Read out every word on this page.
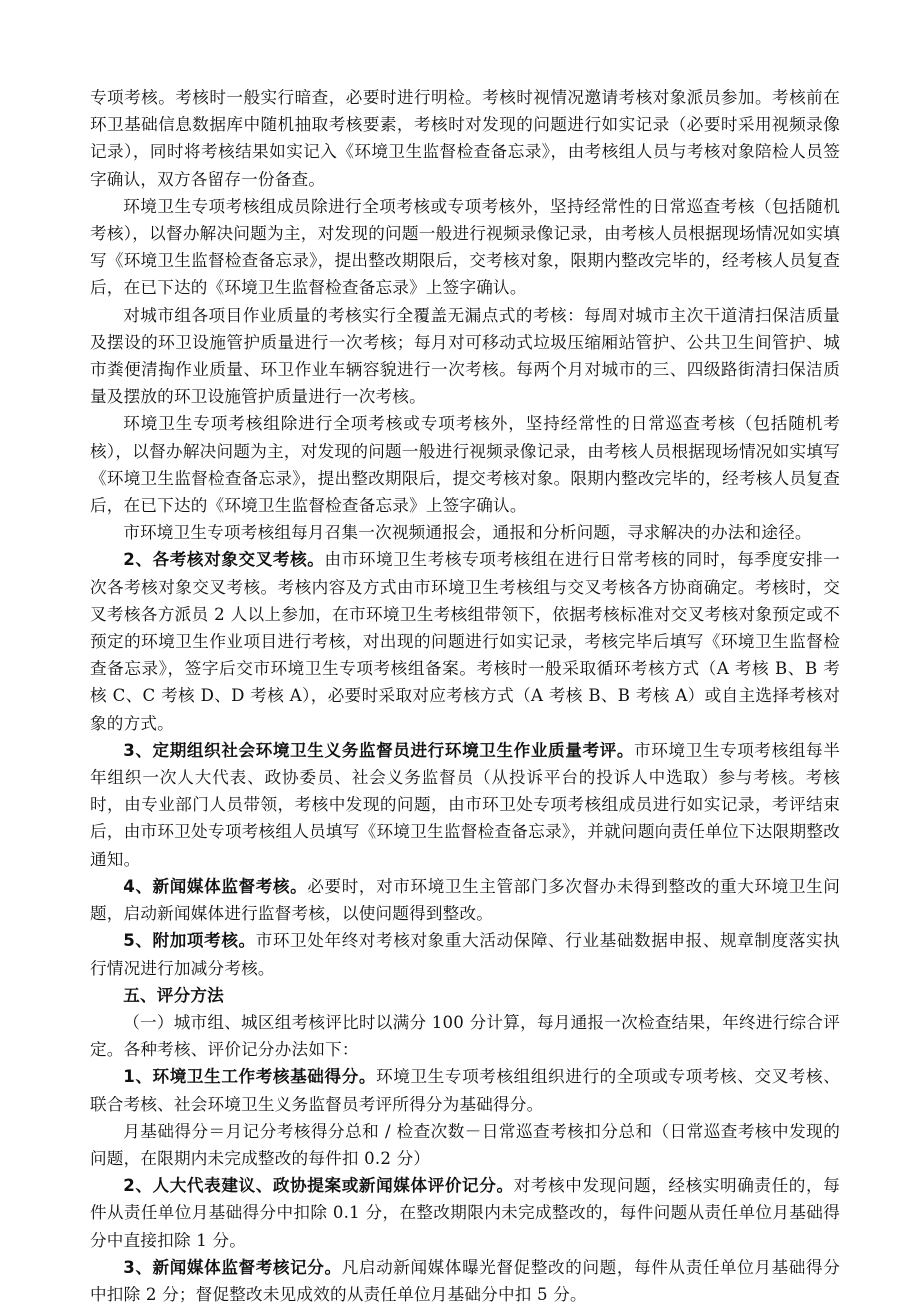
专项考核。考核时一般实行暗查，必要时进行明检。考核时视情况邀请考核对象派员参加。考核前在环卫基础信息数据库中随机抽取考核要素，考核时对发现的问题进行如实记录（必要时采用视频录像记录），同时将考核结果如实记入《环境卫生监督检查备忘录》，由考核组人员与考核对象陪检人员签字确认，双方各留存一份备查。

环境卫生专项考核组成员除进行全项考核或专项考核外，坚持经常性的日常巡查考核（包括随机考核），以督办解决问题为主，对发现的问题一般进行视频录像记录，由考核人员根据现场情况如实填写《环境卫生监督检查备忘录》，提出整改期限后，交考核对象，限期内整改完毕的，经考核人员复查后，在已下达的《环境卫生监督检查备忘录》上签字确认。

对城市组各项目作业质量的考核实行全覆盖无漏点式的考核：每周对城市主次干道清扫保洁质量及摆设的环卫设施管护质量进行一次考核；每月对可移动式垃圾压缩厢站管护、公共卫生间管护、城市粪便清掏作业质量、环卫作业车辆容貌进行一次考核。每两个月对城市的三、四级路街清扫保洁质量及摆放的环卫设施管护质量进行一次考核。

环境卫生专项考核组除进行全项考核或专项考核外，坚持经常性的日常巡查考核（包括随机考核），以督办解决问题为主，对发现的问题一般进行视频录像记录，由考核人员根据现场情况如实填写《环境卫生监督检查备忘录》，提出整改期限后，提交考核对象。限期内整改完毕的，经考核人员复查后，在已下达的《环境卫生监督检查备忘录》上签字确认。

市环境卫生专项考核组每月召集一次视频通报会，通报和分析问题，寻求解决的办法和途径。

2、各考核对象交叉考核。由市环境卫生考核专项考核组在进行日常考核的同时，每季度安排一次各考核对象交叉考核。考核内容及方式由市环境卫生考核组与交叉考核各方协商确定。考核时，交叉考核各方派员 2 人以上参加，在市环境卫生考核组带领下，依据考核标准对交叉考核对象预定或不预定的环境卫生作业项目进行考核，对出现的问题进行如实记录，考核完毕后填写《环境卫生监督检查备忘录》，签字后交市环境卫生专项考核组备案。考核时一般采取循环考核方式（A 考核 B、B 考核 C、C 考核 D、D 考核 A），必要时采取对应考核方式（A 考核 B、B 考核 A）或自主选择考核对象的方式。

3、定期组织社会环境卫生义务监督员进行环境卫生作业质量考评。市环境卫生专项考核组每半年组织一次人大代表、政协委员、社会义务监督员（从投诉平台的投诉人中选取）参与考核。考核时，由专业部门人员带领，考核中发现的问题，由市环卫处专项考核组成员进行如实记录，考评结束后，由市环卫处专项考核组人员填写《环境卫生监督检查备忘录》，并就问题向责任单位下达限期整改通知。

4、新闻媒体监督考核。必要时，对市环境卫生主管部门多次督办未得到整改的重大环境卫生问题，启动新闻媒体进行监督考核，以使问题得到整改。

5、附加项考核。市环卫处年终对考核对象重大活动保障、行业基础数据申报、规章制度落实执行情况进行加减分考核。

五、评分方法

（一）城市组、城区组考核评比时以满分 100 分计算，每月通报一次检查结果，年终进行综合评定。各种考核、评价记分办法如下：

1、环境卫生工作考核基础得分。环境卫生专项考核组组织进行的全项或专项考核、交叉考核、联合考核、社会环境卫生义务监督员考评所得分为基础得分。

月基础得分＝月记分考核得分总和 / 检查次数－日常巡查考核扣分总和（日常巡查考核中发现的问题，在限期内未完成整改的每件扣 0.2 分）

2、人大代表建议、政协提案或新闻媒体评价记分。对考核中发现问题，经核实明确责任的，每件从责任单位月基础得分中扣除 0.1 分，在整改期限内未完成整改的，每件问题从责任单位月基础得分中直接扣除 1 分。

3、新闻媒体监督考核记分。凡启动新闻媒体曝光督促整改的问题，每件从责任单位月基础得分中扣除 2 分；督促整改未见成效的从责任单位月基础分中扣 5 分。
